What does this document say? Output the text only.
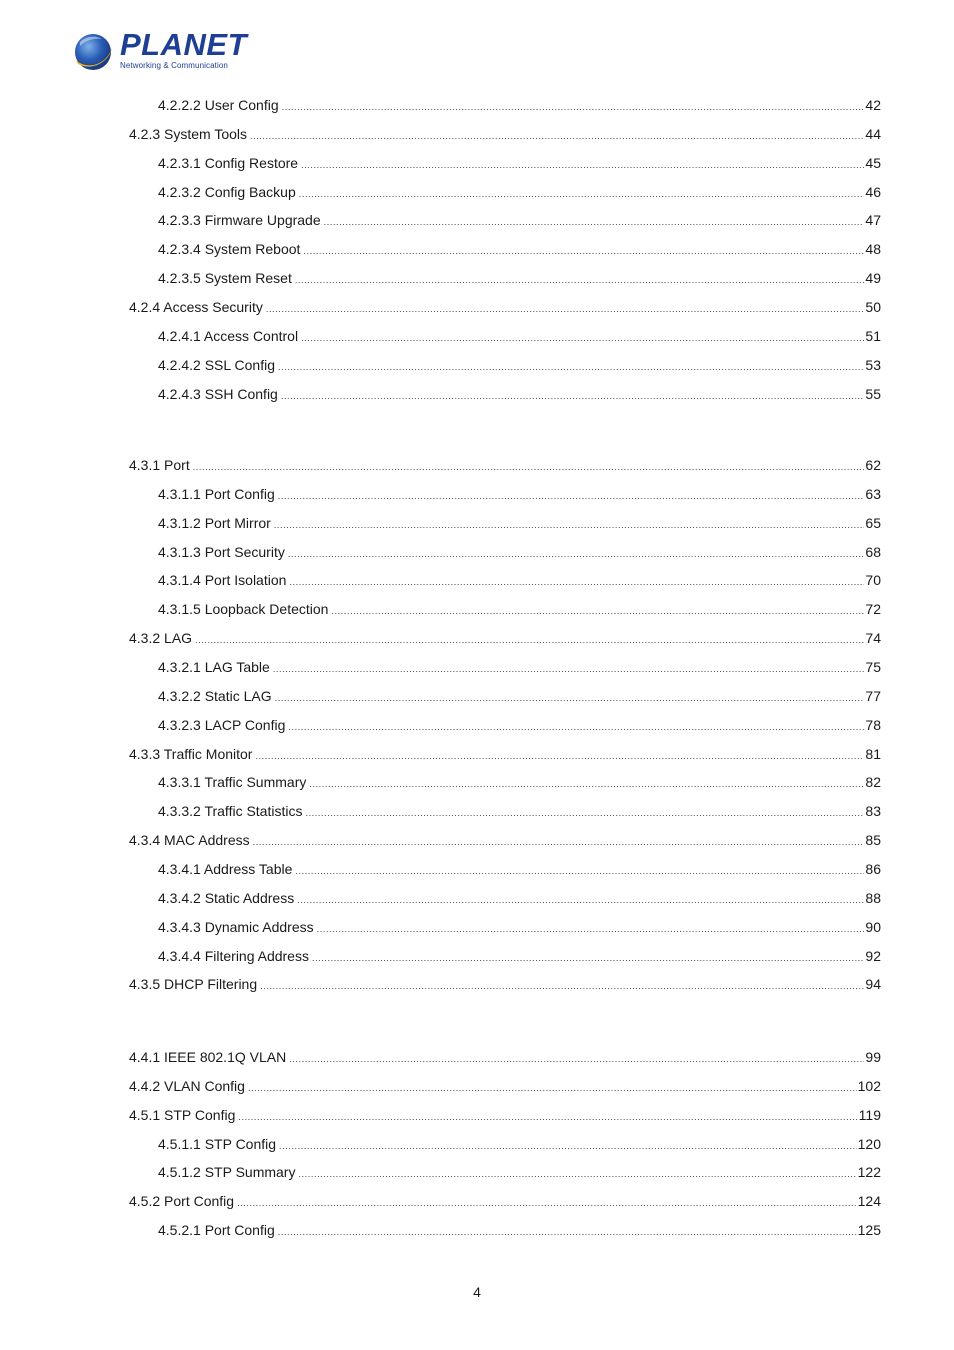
PLANET
Networking & Communication
4.2.2.2 User Config .....	42
4.2.3 System Tools .....	44
4.2.3.1 Config Restore .....	45
4.2.3.2 Config Backup .....	46
4.2.3.3 Firmware Upgrade .....	47
4.2.3.4 System Reboot .....	48
4.2.3.5 System Reset .....	49
4.2.4 Access Security .....	50
4.2.4.1 Access Control .....	51
4.2.4.2 SSL Config .....	53
4.2.4.3 SSH Config .....	55
4.3.1 Port .....	62
4.3.1.1 Port Config .....	63
4.3.1.2 Port Mirror .....	65
4.3.1.3 Port Security .....	68
4.3.1.4 Port Isolation .....	70
4.3.1.5 Loopback Detection .....	72
4.3.2 LAG .....	74
4.3.2.1 LAG Table .....	75
4.3.2.2 Static LAG .....	77
4.3.2.3 LACP Config .....	78
4.3.3 Traffic Monitor .....	81
4.3.3.1 Traffic Summary .....	82
4.3.3.2 Traffic Statistics .....	83
4.3.4 MAC Address .....	85
4.3.4.1 Address Table .....	86
4.3.4.2 Static Address .....	88
4.3.4.3 Dynamic Address .....	90
4.3.4.4 Filtering Address .....	92
4.3.5 DHCP Filtering .....	94
4.4.1 IEEE 802.1Q VLAN .....	99
4.4.2 VLAN Config .....	102
4.5.1 STP Config .....	119
4.5.1.1 STP Config .....	120
4.5.1.2 STP Summary .....	122
4.5.2 Port Config .....	124
4.5.2.1 Port Config .....	125
4
